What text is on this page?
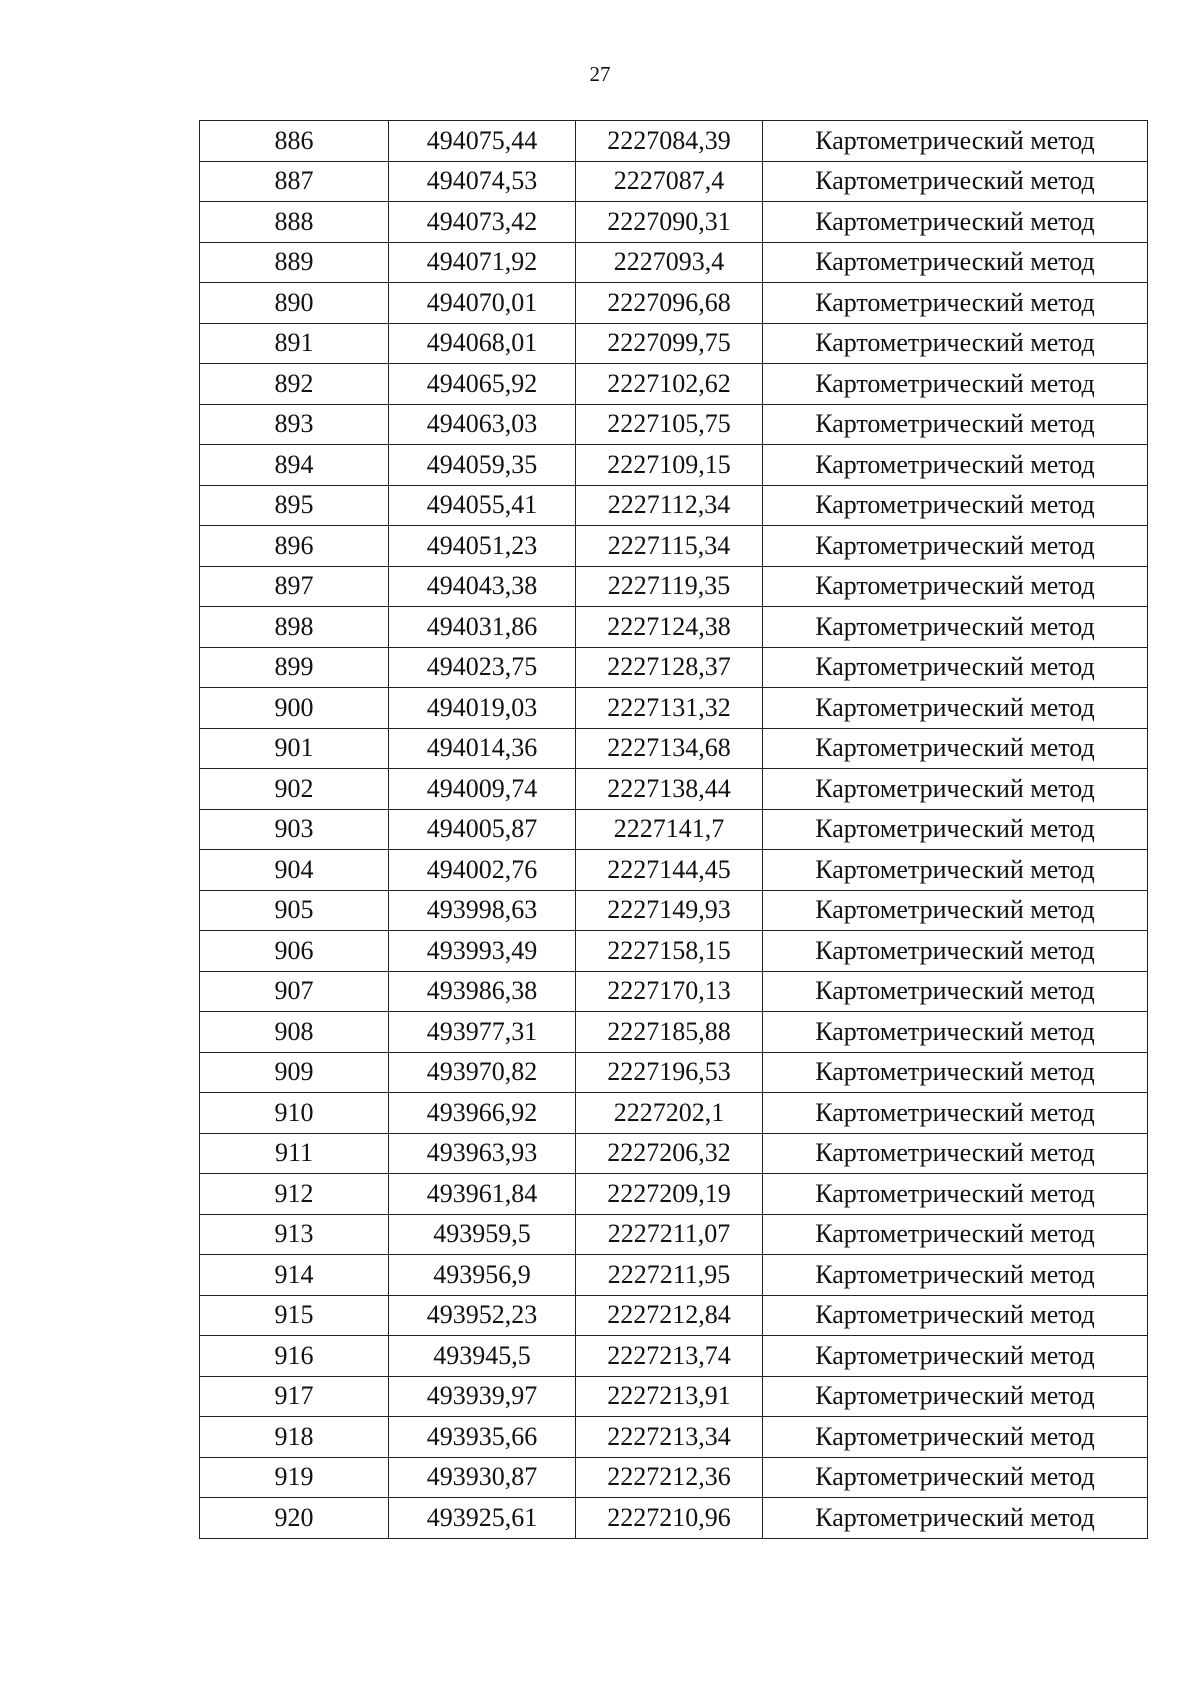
27
886	494075,44	2227084,39	Картометрический метод
887	494074,53	2227087,4	Картометрический метод
888	494073,42	2227090,31	Картометрический метод
889	494071,92	2227093,4	Картометрический метод
890	494070,01	2227096,68	Картометрический метод
891	494068,01	2227099,75	Картометрический метод
892	494065,92	2227102,62	Картометрический метод
893	494063,03	2227105,75	Картометрический метод
894	494059,35	2227109,15	Картометрический метод
895	494055,41	2227112,34	Картометрический метод
896	494051,23	2227115,34	Картометрический метод
897	494043,38	2227119,35	Картометрический метод
898	494031,86	2227124,38	Картометрический метод
899	494023,75	2227128,37	Картометрический метод
900	494019,03	2227131,32	Картометрический метод
901	494014,36	2227134,68	Картометрический метод
902	494009,74	2227138,44	Картометрический метод
903	494005,87	2227141,7	Картометрический метод
904	494002,76	2227144,45	Картометрический метод
905	493998,63	2227149,93	Картометрический метод
906	493993,49	2227158,15	Картометрический метод
907	493986,38	2227170,13	Картометрический метод
908	493977,31	2227185,88	Картометрический метод
909	493970,82	2227196,53	Картометрический метод
910	493966,92	2227202,1	Картометрический метод
911	493963,93	2227206,32	Картометрический метод
912	493961,84	2227209,19	Картометрический метод
913	493959,5	2227211,07	Картометрический метод
914	493956,9	2227211,95	Картометрический метод
915	493952,23	2227212,84	Картометрический метод
916	493945,5	2227213,74	Картометрический метод
917	493939,97	2227213,91	Картометрический метод
918	493935,66	2227213,34	Картометрический метод
919	493930,87	2227212,36	Картометрический метод
920	493925,61	2227210,96	Картометрический метод
